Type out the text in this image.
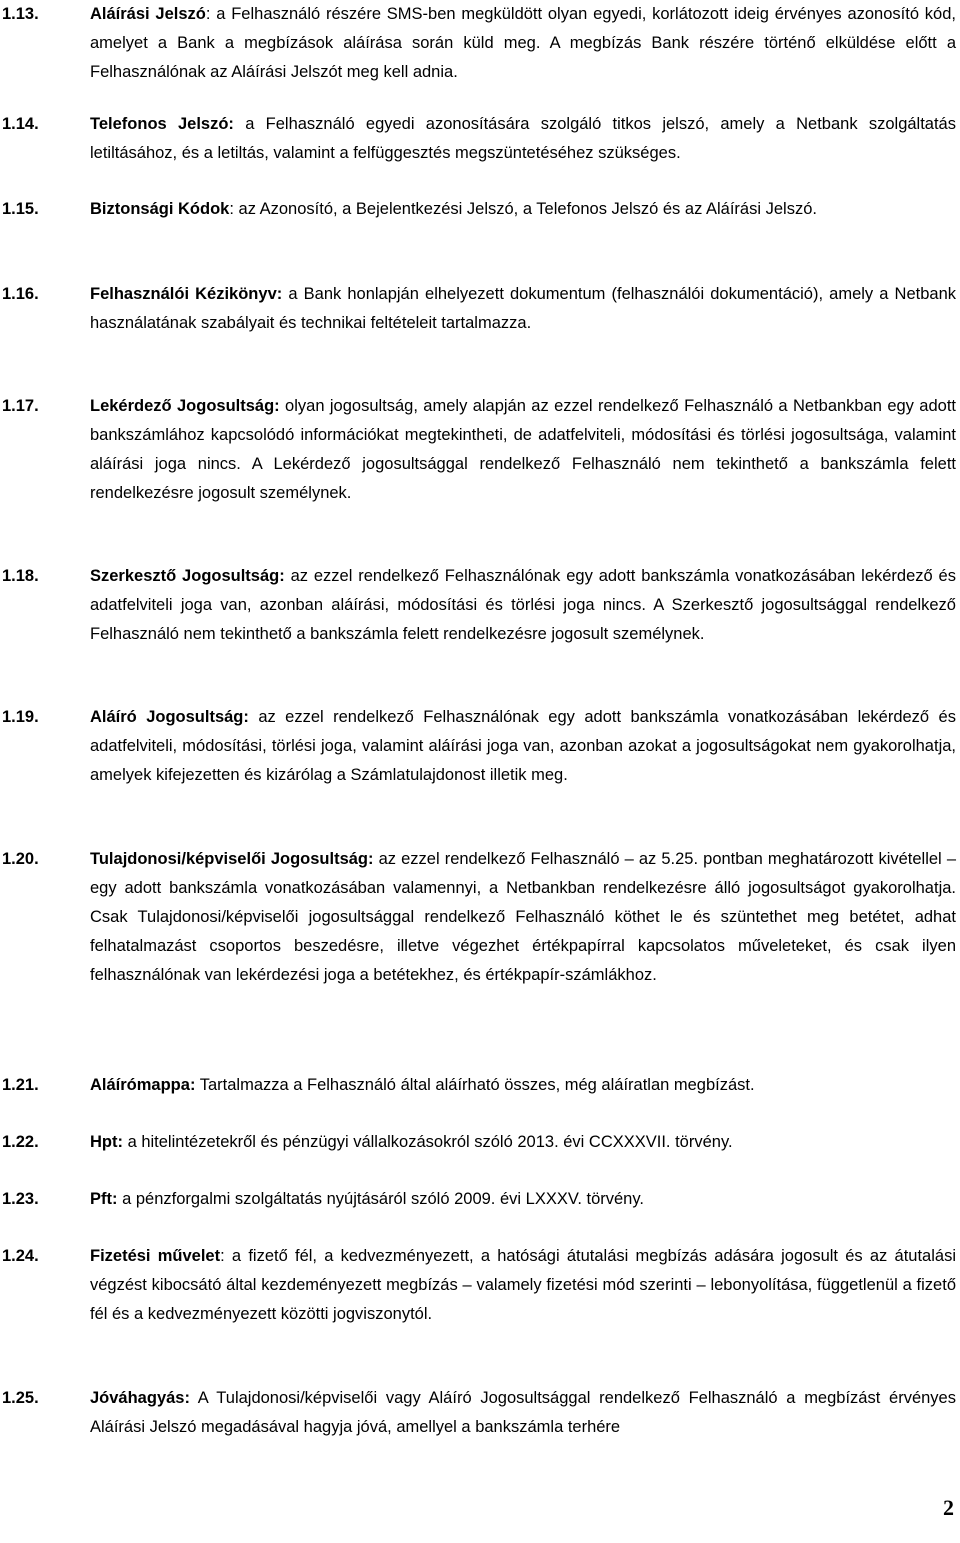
1.13.	Aláírási Jelszó: a Felhasználó részére SMS-ben megküldött olyan egyedi, korlátozott ideig érvényes azonosító kód, amelyet a Bank a megbízások aláírása során küld meg. A megbízás Bank részére történő elküldése előtt a Felhasználónak az Aláírási Jelszót meg kell adnia.
1.14.	Telefonos Jelszó: a Felhasználó egyedi azonosítására szolgáló titkos jelszó, amely a Netbank szolgáltatás letiltásához, és a letiltás, valamint a felfüggesztés megszüntetéséhez szükséges.
1.15.	Biztonsági Kódok: az Azonosító, a Bejelentkezési Jelszó, a Telefonos Jelszó és az Aláírási Jelszó.
1.16.	Felhasználói Kézikönyv: a Bank honlapján elhelyezett dokumentum (felhasználói dokumentáció), amely a Netbank használatának szabályait és technikai feltételeit tartalmazza.
1.17.	Lekérdező Jogosultság: olyan jogosultság, amely alapján az ezzel rendelkező Felhasználó a Netbankban egy adott bankszámlához kapcsolódó információkat megtekintheti, de adatfelviteli, módosítási és törlési jogosultsága, valamint aláírási joga nincs. A Lekérdező jogosultsággal rendelkező Felhasználó nem tekinthető a bankszámla felett rendelkezésre jogosult személynek.
1.18.	Szerkesztő Jogosultság: az ezzel rendelkező Felhasználónak egy adott bankszámla vonatkozásában lekérdező és adatfelviteli joga van, azonban aláírási, módosítási és törlési joga nincs. A Szerkesztő jogosultsággal rendelkező Felhasználó nem tekinthető a bankszámla felett rendelkezésre jogosult személynek.
1.19.	Aláíró Jogosultság: az ezzel rendelkező Felhasználónak egy adott bankszámla vonatkozásában lekérdező és adatfelviteli, módosítási, törlési joga, valamint aláírási joga van, azonban azokat a jogosultságokat nem gyakorolhatja, amelyek kifejezetten és kizárólag a Számlatulajdonost illetik meg.
1.20.	Tulajdonosi/képviselői Jogosultság: az ezzel rendelkező Felhasználó – az 5.25. pontban meghatározott kivétellel – egy adott bankszámla vonatkozásában valamennyi, a Netbankban rendelkezésre álló jogosultságot gyakorolhatja. Csak Tulajdonosi/képviselői jogosultsággal rendelkező Felhasználó köthet le és szüntethet meg betétet, adhat felhatalmazást csoportos beszedésre, illetve végezhet értékpapírral kapcsolatos műveleteket, és csak ilyen felhasználónak van lekérdezési joga a betétekhez, és értékpapír-számlákhoz.
1.21.	Aláírómappa: Tartalmazza a Felhasználó által aláírható összes, még aláíratlan megbízást.
1.22.	Hpt: a hitelintézetekről és pénzügyi vállalkozásokról szóló 2013. évi CCXXXVII. törvény.
1.23.	Pft: a pénzforgalmi szolgáltatás nyújtásáról szóló 2009. évi LXXXV. törvény.
1.24.	Fizetési művelet: a fizető fél, a kedvezményezett, a hatósági átutalási megbízás adására jogosult és az átutalási végzést kibocsátó által kezdeményezett megbízás – valamely fizetési mód szerinti – lebonyolítása, függetlenül a fizető fél és a kedvezményezett közötti jogviszonytól.
1.25.	Jóváhagyás: A Tulajdonosi/képviselői vagy Aláíró Jogosultsággal rendelkező Felhasználó a megbízást érvényes Aláírási Jelszó megadásával hagyja jóvá, amellyel a bankszámla terhére
2
